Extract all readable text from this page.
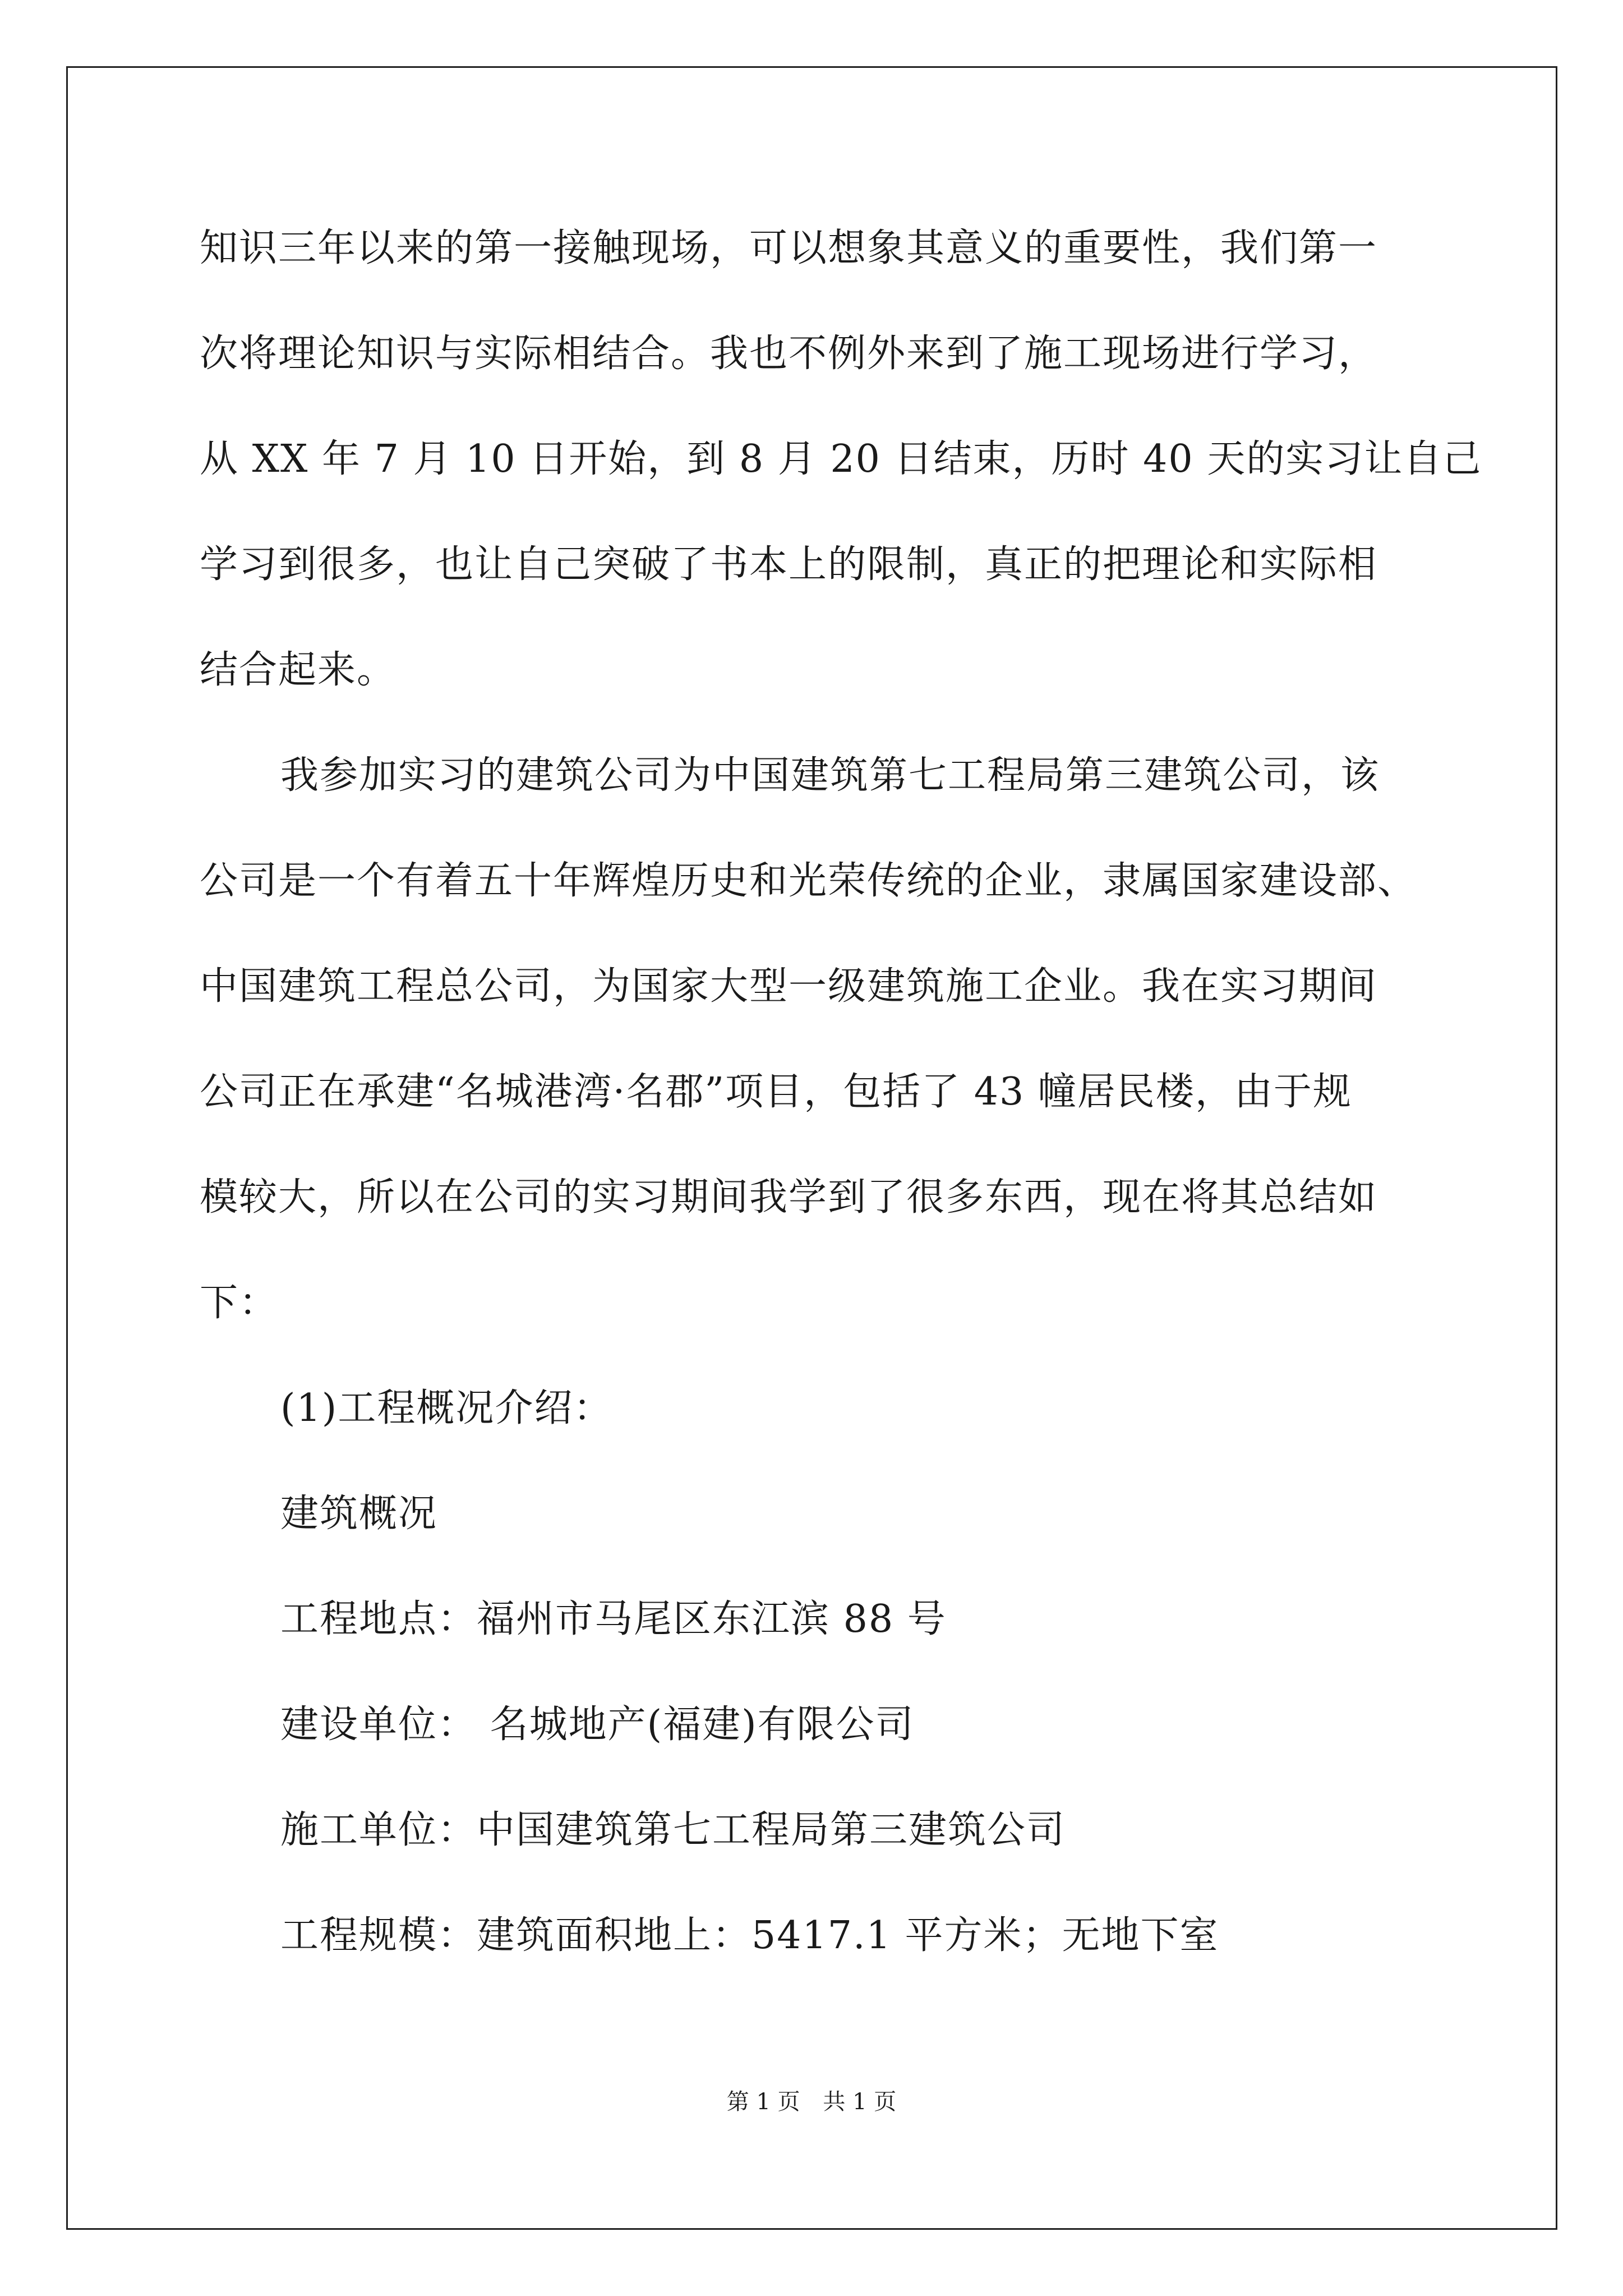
知识三年以来的第一接触现场，可以想象其意义的重要性，我们第一
次将理论知识与实际相结合。我也不例外来到了施工现场进行学习，
从 XX 年 7 月 10 日开始，到 8 月 20 日结束，历时 40 天的实习让自己
学习到很多，也让自己突破了书本上的限制，真正的把理论和实际相
结合起来。
我参加实习的建筑公司为中国建筑第七工程局第三建筑公司，该
公司是一个有着五十年辉煌历史和光荣传统的企业，隶属国家建设部、
中国建筑工程总公司，为国家大型一级建筑施工企业。我在实习期间
公司正在承建“名城港湾·名郡”项目，包括了 43 幢居民楼，由于规
模较大，所以在公司的实习期间我学到了很多东西，现在将其总结如
下：
(1)工程概况介绍：
建筑概况
工程地点：福州市马尾区东江滨 88 号
建设单位： 名城地产(福建)有限公司
施工单位：中国建筑第七工程局第三建筑公司
工程规模：建筑面积地上：5417.1 平方米；无地下室
第 1 页 共 1 页
